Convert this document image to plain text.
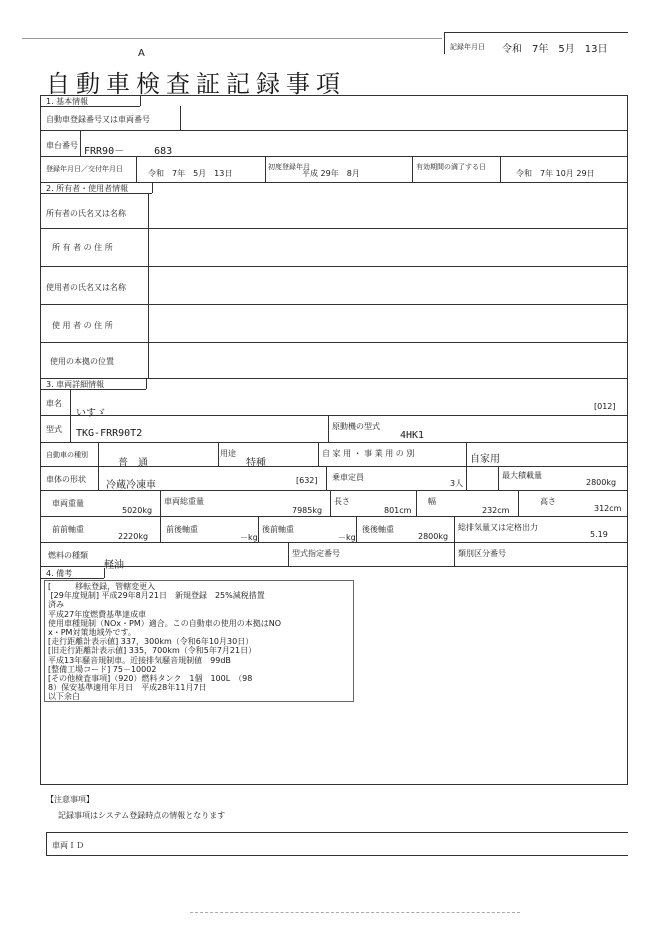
記録年月日 令和　7年　5月　13日
A
自動車検査証記録事項
1. 基本情報
自動車登録番号又は車両番号
車台番号
FRR90－　　　683
登録年月日／交付年月日	令和　7年　5月　13日
初度登録年月
平成 29年　8月
有効期間の満了する日
令和　7年 10月 29日
2. 所有者・使用者情報
所有者の氏名又は名称
所 有 者 の 住 所
使用者の氏名又は名称
使 用 者 の 住 所
使用の本拠の位置
3. 車両詳細情報
車名
いすゞ
[012]
型式 TKG-FRR90T2
原動機の型式
4HK1
自動車の種別
普　通
用途
特種
自 家 用 ・ 事 業 用 の 別
自家用
車体の形状
冷蔵冷凍車	[632] 乗車定員
3人
最大積載量
2800kg
車両重量
5020kg
車両総重量
7985kg
長さ
801cm
幅
232cm
高さ
312cm
前前軸重
2220kg
前後軸重
－kg
後前軸重
－kg
後後軸重
2800kg
総排気量又は定格出力
5.19
燃料の種類
軽油
型式指定番号	類別区分番号
4. 備考
[　　　移転登録，管轄変更入
[29年度規制] 平成29年8月21日　新規登録　25%減税措置
済み
平成27年度燃費基準達成車
使用車種規制（NOx・PM）適合。この自動車の使用の本拠はNO
x・PM対策地域外です。
[走行距離計表示値] 337，300km（令和6年10月30日）
[旧走行距離計表示値] 335，700km（令和5年7月21日）
平成13年騒音規制車。近接排気騒音規制値　99dB
[整備工場コード] 75－10002
[その他検査事項]（920）燃料タンク　1個　100L　（98
8）保安基準適用年月日　平成28年11月7日
以下余白
【注意事項】
記録事項はシステム登録時点の情報となります
車両ＩＤ
